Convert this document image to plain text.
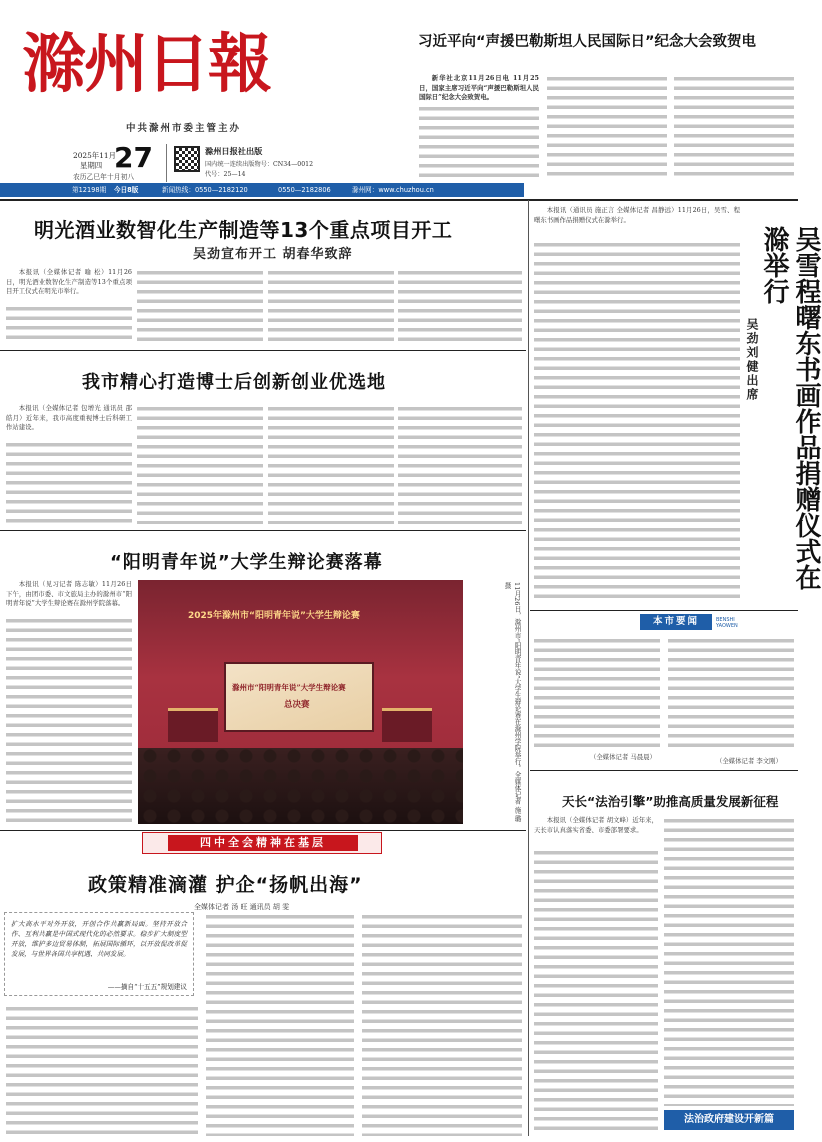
滁州日報
中共滁州市委主管主办
2025年11月
星期四 27
农历乙巳年十月初八
滁州日报社出版
国内统一连续出版物号：CN34—0012
代号：25—14
第12198期 今日8版	新闻热线：0550—2182120	0550—2182806	滁州网：www.chuzhou.cn
习近平向“声援巴勒斯坦人民国际日”纪念大会致贺电

新华社北京11月26日电 11月25日，国家主席习近平向“声援巴勒斯坦人民国际日”纪念大会致贺电。

明光酒业数智化生产制造等13个重点项目开工
吴劲宣布开工 胡春华致辞

本报讯（全媒体记者 喻 松）11月26日，明光酒业数智化生产制造等13个重点项目开工仪式在明光市举行。

我市精心打造博士后创新创业优选地

本报讯（全媒体记者 包增光 通讯员 邵皓月）近年来，我市高度重视博士后科研工作站建设。

“阳明青年说”大学生辩论赛落幕

本报讯（见习记者 陈志敏）11月26日下午，由团市委、市文旅局主办的滁州市“阳明青年说”大学生辩论赛在滁州学院落幕。

2025年滁州市“阳明青年说”大学生辩论赛
滁州市“阳明青年说”大学生辩论赛
总决赛	11月26日，滁州市“阳明青年说”大学生辩论赛在滁州学院举行。全媒体记者 施 璐摄
四中全会精神在基层
政策精准滴灌 护企“扬帆出海”
全媒体记者 汤 旺 通讯员 胡 雯
扩大高水平对外开放，开创合作共赢新局面。坚持开放合作、互利共赢是中国式现代化的必然要求。稳步扩大制度型开放，维护多边贸易体制，拓展国际循环，以开放促改革促发展，与世界各国共享机遇、共同发展。
——摘自“十五五”规划建议

本报讯（通讯员 施正言 全媒体记者 昌静远）11月26日，吴雪、程曙东书画作品捐赠仪式在滁举行。

吴雪程曙东书画作品捐赠仪式在滁举行
吴劲刘健出席
本市要闻	BENSHI YAOWEN
（全媒体记者 马晨晨）	（全媒体记者 李文刚）
天长“法治引擎”助推高质量发展新征程

本报讯（全媒体记者 胡文峰）近年来，天长市认真落实省委、市委部署要求。

法治政府建设开新篇
